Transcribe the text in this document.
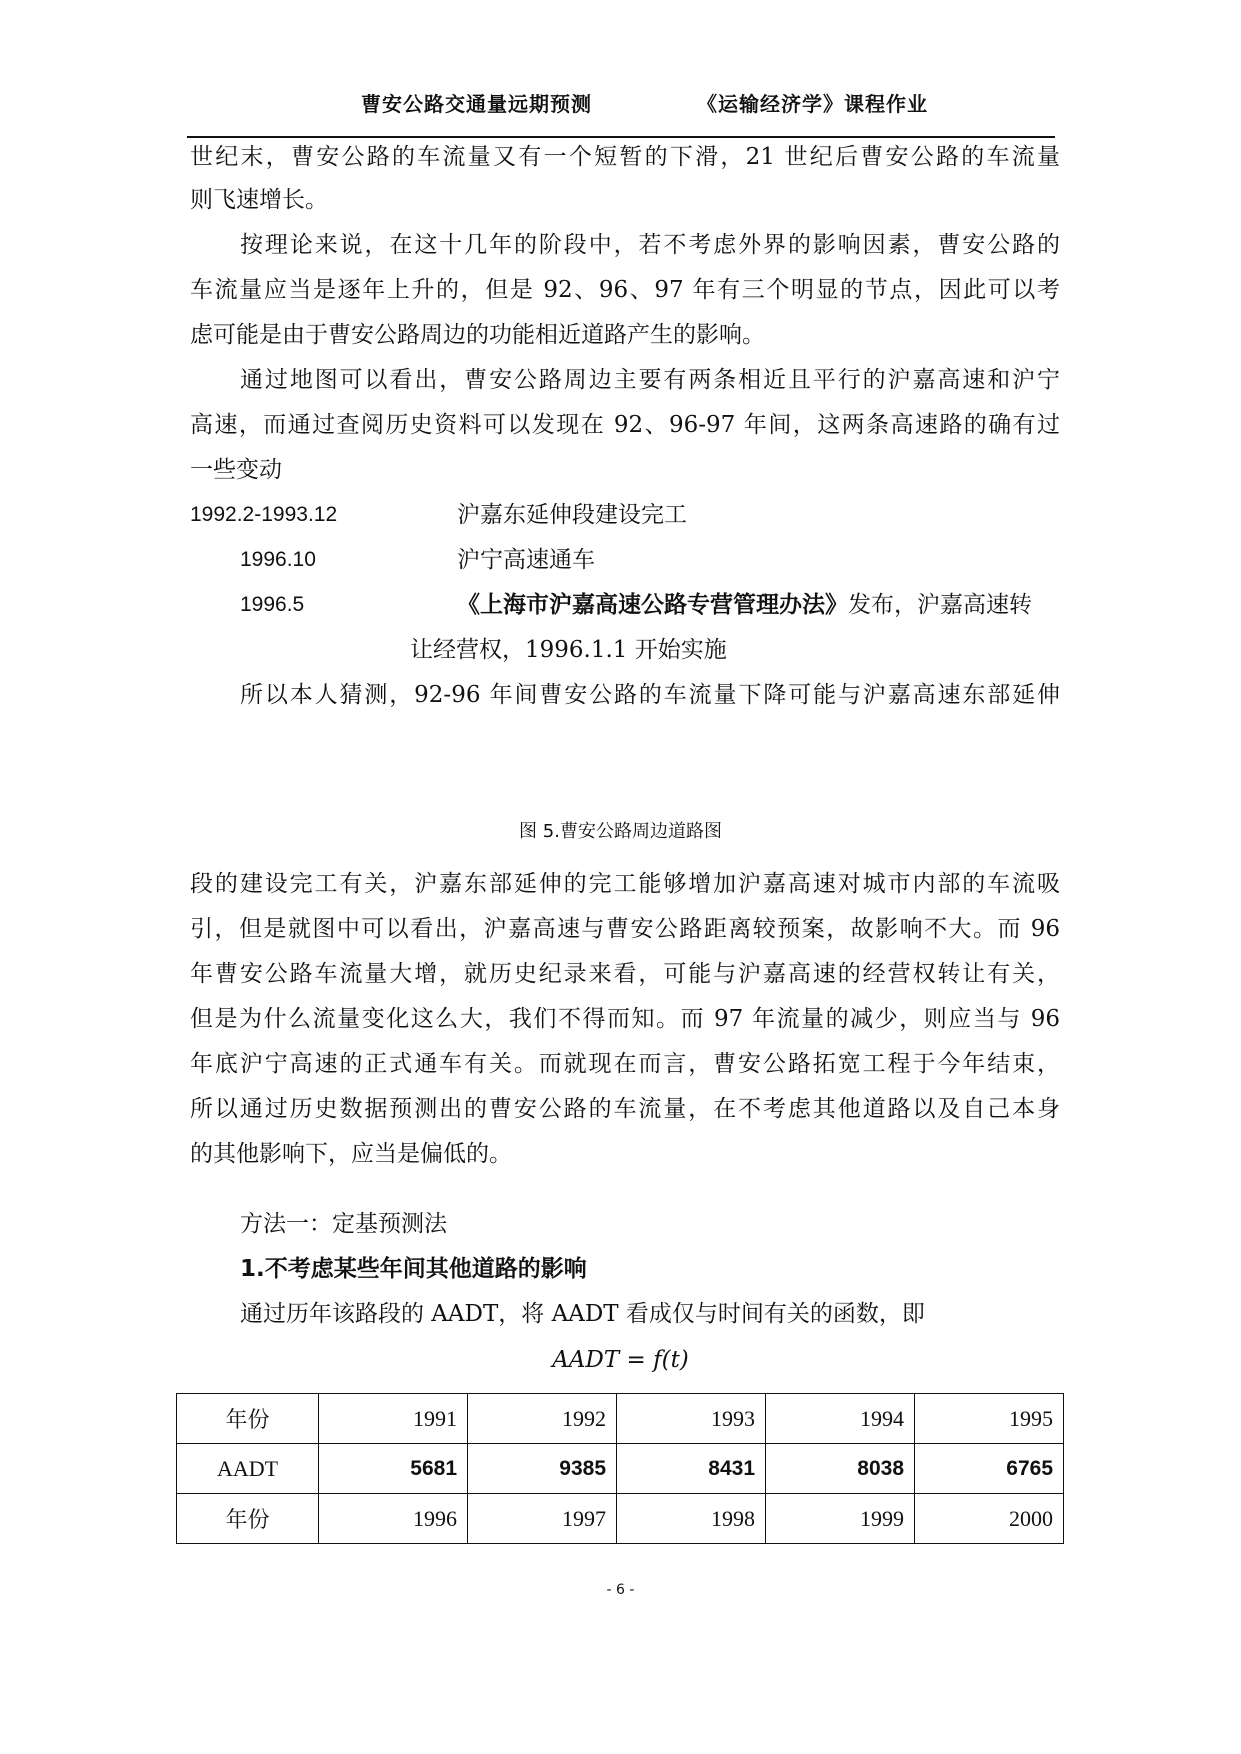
曹安公路交通量远期预测	《运输经济学》课程作业

世纪末，曹安公路的车流量又有一个短暂的下滑，21 世纪后曹安公路的车流量

则飞速增长。

按理论来说，在这十几年的阶段中，若不考虑外界的影响因素，曹安公路的

车流量应当是逐年上升的，但是 92、96、97 年有三个明显的节点，因此可以考

虑可能是由于曹安公路周边的功能相近道路产生的影响。

通过地图可以看出，曹安公路周边主要有两条相近且平行的沪嘉高速和沪宁

高速，而通过查阅历史资料可以发现在 92、96-97 年间，这两条高速路的确有过

一些变动

1992.2-1993.12	沪嘉东延伸段建设完工
1996.10	沪宁高速通车
1996.5	《上海市沪嘉高速公路专营管理办法》发布，沪嘉高速转
让经营权，1996.1.1 开始实施

所以本人猜测，92-96 年间曹安公路的车流量下降可能与沪嘉高速东部延伸

图 5.曹安公路周边道路图

段的建设完工有关，沪嘉东部延伸的完工能够增加沪嘉高速对城市内部的车流吸

引，但是就图中可以看出，沪嘉高速与曹安公路距离较预案，故影响不大。而 96

年曹安公路车流量大增，就历史纪录来看，可能与沪嘉高速的经营权转让有关，

但是为什么流量变化这么大，我们不得而知。而 97 年流量的减少，则应当与 96

年底沪宁高速的正式通车有关。而就现在而言，曹安公路拓宽工程于今年结束，

所以通过历史数据预测出的曹安公路的车流量，在不考虑其他道路以及自己本身

的其他影响下，应当是偏低的。

方法一：定基预测法

1.不考虑某些年间其他道路的影响

通过历年该路段的 AADT，将 AADT 看成仅与时间有关的函数，即

AADT = f(t)
年份	1991	1992	1993	1994	1995
AADT	5681	9385	8431	8038	6765
年份	1996	1997	1998	1999	2000
- 6 -
